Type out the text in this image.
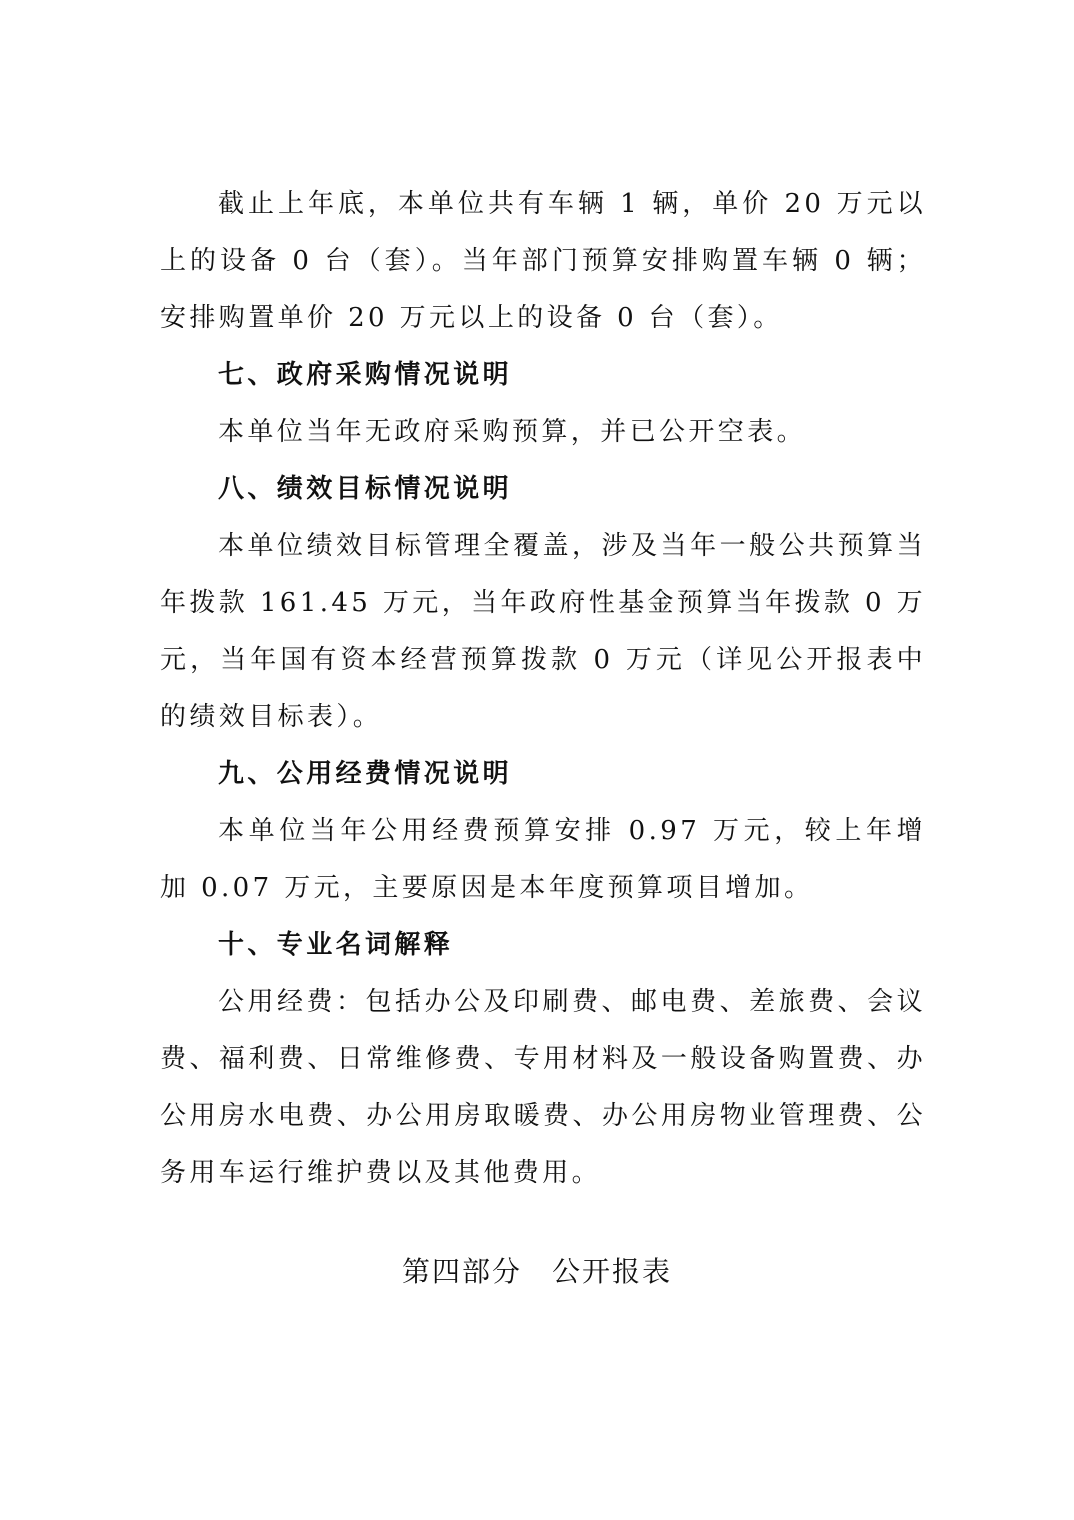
截止上年底，本单位共有车辆 1 辆，单价 20 万元以上的设备 0 台（套）。当年部门预算安排购置车辆 0 辆；安排购置单价 20 万元以上的设备 0 台（套）。

七、政府采购情况说明

本单位当年无政府采购预算，并已公开空表。

八、绩效目标情况说明

本单位绩效目标管理全覆盖，涉及当年一般公共预算当年拨款 161.45 万元，当年政府性基金预算当年拨款 0 万元，当年国有资本经营预算拨款 0 万元（详见公开报表中的绩效目标表）。

九、公用经费情况说明

本单位当年公用经费预算安排 0.97 万元，较上年增加 0.07 万元，主要原因是本年度预算项目增加。

十、专业名词解释

公用经费：包括办公及印刷费、邮电费、差旅费、会议费、福利费、日常维修费、专用材料及一般设备购置费、办公用房水电费、办公用房取暖费、办公用房物业管理费、公务用车运行维护费以及其他费用。

第四部分　公开报表
